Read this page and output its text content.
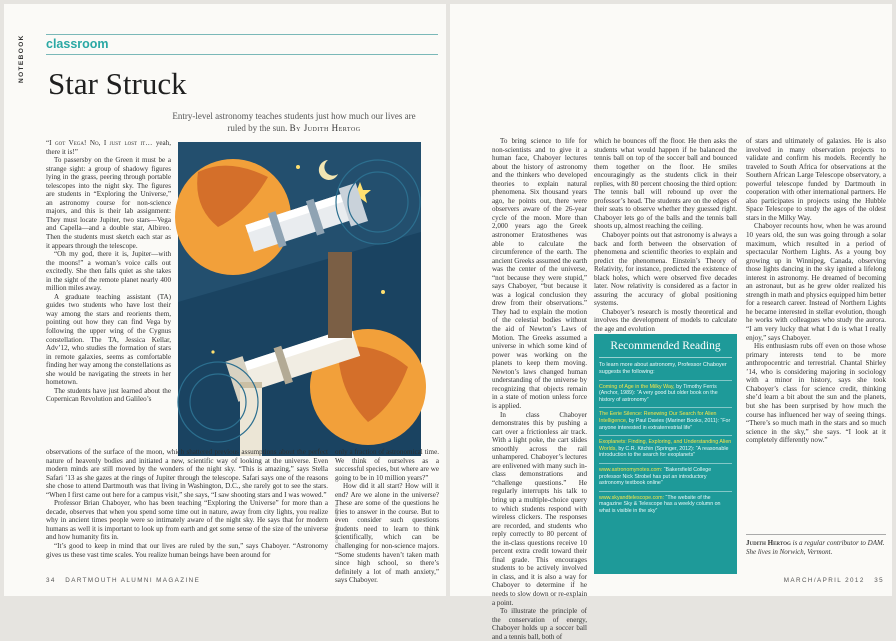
NOTEBOOK classroom
Star Struck
Entry-level astronomy teaches students just how much our lives are
ruled by the sun. By Judith Hertog

“I got Vega! No, I just lost it… yeah, there it is!”

To passersby on the Green it must be a strange sight: a group of shadowy figures lying in the grass, peering through portable telescopes into the night sky. The figures are students in “Exploring the Universe,” an astronomy course for non-science majors, and this is their lab assignment: They must locate Jupiter, two stars—Vega and Capella—and a double star, Albireo. Then the students must sketch each star as it appears through the telescope.

“Oh my god, there it is, Jupiter—with the moons!” a woman’s voice calls out excitedly. She then falls quiet as she takes in the sight of the remote planet nearly 400 million miles away.

A graduate teaching assistant (TA) guides two students who have lost their way among the stars and reorients them, pointing out how they can find Vega by following the upper wing of the Cygnus constellation. The TA, Jessica Kellar, Adv’12, who studies the formation of stars in remote galaxies, seems as comfortable finding her way among the constellations as she would be navigating the streets in her hometown.

The students have just learned about the Copernican Revolution and Galileo’s

GORDON STUDER

observations of the surface of the moon, which shattered previous assumptions about the perfect nature of heavenly bodies and initiated a new, scientific way of looking at the universe. Even modern minds are still moved by the wonders of the night sky. “This is amazing,” says Stella Safari ’13 as she gazes at the rings of Jupiter through the telescope. Safari says one of the reasons she chose to attend Dartmouth was that living in Washington, D.C., she rarely got to see the stars. “When I first came out here for a campus visit,” she says, “I saw shooting stars and I was wowed.”

Professor Brian Chaboyer, who has been teaching “Exploring the Universe” for more than a decade, observes that when you spend some time out in nature, away from city lights, you realize why in ancient times people were so intimately aware of the night sky. He says that for modern humans as well it is important to look up from earth and get some sense of the size of the universe and how humanity fits in.

“It’s good to keep in mind that our lives are ruled by the sun,” says Chaboyer. “Astronomy gives us these vast time scales. You realize human beings have been around for

only a fraction of astronomical time. We think of ourselves as a successful species, but where are we going to be in 10 million years?”

How did it all start? How will it end? Are we alone in the universe? These are some of the questions he tries to answer in the course. But to even consider such questions students need to learn to think scientifically, which can be challenging for non-science majors. “Some students haven’t taken math since high school, so there’s definitely a lot of math anxiety,” says Chaboyer.

34 DARTMOUTH ALUMNI MAGAZINE

To bring science to life for non-scientists and to give it a human face, Chaboyer lectures about the history of astronomy and the thinkers who developed theories to explain natural phenomena. Six thousand years ago, he points out, there were observers aware of the 26-year cycle of the moon. More than 2,000 years ago the Greek astronomer Eratosthenes was able to calculate the circumference of the earth. The ancient Greeks assumed the earth was the center of the universe, “not because they were stupid,” says Chaboyer, “but because it was a logical conclusion they drew from their observations.” They had to explain the motion of the celestial bodies without the aid of Newton’s Laws of Motion. The Greeks assumed a universe in which some kind of power was working on the planets to keep them moving. Newton’s laws changed human understanding of the universe by recognizing that objects remain in a state of motion unless force is applied.

In class Chaboyer demonstrates this by pushing a cart over a frictionless air track. With a light poke, the cart slides smoothly across the rail unhampered. Chaboyer’s lectures are enlivened with many such in-class demonstrations and “challenge questions.” He regularly interrupts his talk to bring up a multiple-choice query to which students respond with wireless clickers. The responses are recorded, and students who reply correctly to 80 percent of the in-class questions receive 10 percent extra credit toward their final grade. This encourages students to be actively involved in class, and it is also a way for Chaboyer to determine if he needs to slow down or re-explain a point.

To illustrate the principle of the conservation of energy, Chaboyer holds up a soccer ball and a tennis ball, both of

which he bounces off the floor. He then asks the students what would happen if he balanced the tennis ball on top of the soccer ball and bounced them together on the floor. He smiles encouragingly as the students click in their replies, with 80 percent choosing the third option: The tennis ball will rebound up over the professor’s head. The students are on the edges of their seats to observe whether they guessed right. Chaboyer lets go of the balls and the tennis ball shoots up, almost reaching the ceiling.

Chaboyer points out that astronomy is always a back and forth between the observation of phenomena and scientific theories to explain and predict the phenomena. Einstein’s Theory of Relativity, for instance, predicted the existence of black holes, which were observed five decades later. Now relativity is considered as a factor in assuring the accuracy of global positioning systems.

Chaboyer’s research is mostly theoretical and involves the development of models to calculate the age and evolution

Recommended Reading
To learn more about astronomy, Professor Chaboyer suggests the following:
Coming of Age in the Milky Way, by Timothy Ferris (Anchor, 1989): “A very good but older book on the history of astronomy”
The Eerie Silence: Renewing Our Search for Alien Intelligence, by Paul Davies (Mariner Books, 2011): “For anyone interested in extraterrestrial life”
Exoplanets: Finding, Exploring, and Understanding Alien Worlds, by C.R. Kitchin (Springer, 2012): “A reasonable introduction to the search for exoplanets”
www.astronomynotes.com: “Bakersfield College professor Nick Strobel has put an introductory astronomy textbook online”
www.skyandtelescope.com: “The website of the magazine Sky & Telescope has a weekly column on what is visible in the sky”

of stars and ultimately of galaxies. He is also involved in many observation projects to validate and confirm his models. Recently he traveled to South Africa for observations at the Southern African Large Telescope observatory, a powerful telescope funded by Dartmouth in cooperation with other international partners. He also participates in projects using the Hubble Space Telescope to study the ages of the oldest stars in the Milky Way.

Chaboyer recounts how, when he was around 10 years old, the sun was going through a solar maximum, which resulted in a period of spectacular Northern Lights. As a young boy growing up in Winnipeg, Canada, observing those lights dancing in the sky ignited a lifelong interest in astronomy. He dreamed of becoming an astronaut, but as he grew older realized his strength in math and physics equipped him better for a research career. Instead of Northern Lights he became interested in stellar evolution, though he works with colleagues who study the aurora. “I am very lucky that what I do is what I really enjoy,” says Chaboyer.

His enthusiasm rubs off even on those whose primary interests tend to be more anthropocentric and terrestrial. Chantal Shirley ’14, who is considering majoring in sociology with a minor in history, says she took Chaboyer’s class for science credit, thinking she’d learn a bit about the sun and the planets, but she has been surprised by how much the course has influenced her way of seeing things. “There’s so much math in the stars and so much science in the sky,” she says. “I look at it completely differently now.”

Judith Hertog is a regular contributor to DAM. She lives in Norwich, Vermont.
MARCH/APRIL 2012 35
